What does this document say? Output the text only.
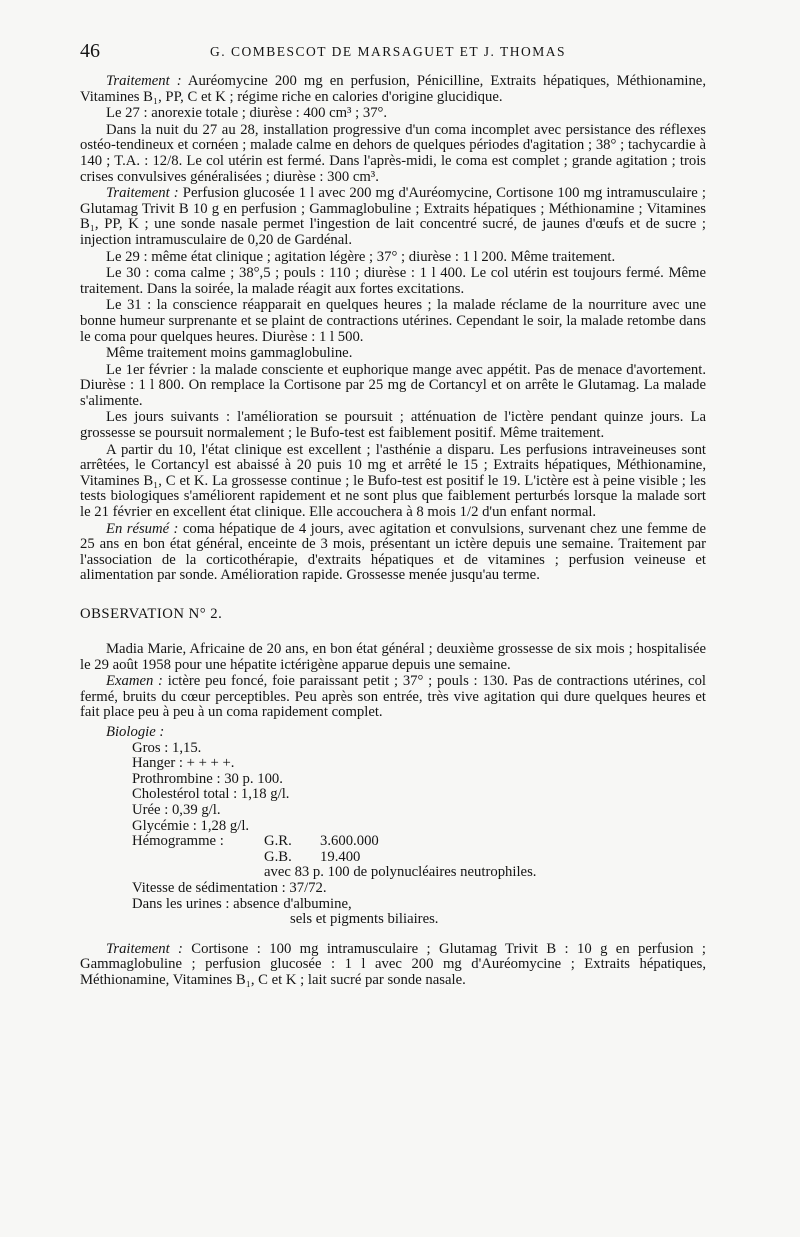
46	G. COMBESCOT DE MARSAGUET ET J. THOMAS

Traitement : Auréomycine 200 mg en perfusion, Pénicilline, Extraits hépatiques, Méthionamine, Vitamines B₁, PP, C et K ; régime riche en calories d'origine glucidique.

Le 27 : anorexie totale ; diurèse : 400 cm³ ; 37°.

Dans la nuit du 27 au 28, installation progressive d'un coma incomplet avec persistance des réflexes ostéo-tendineux et cornéen ; malade calme en dehors de quelques périodes d'agitation ; 38° ; tachycardie à 140 ; T.A. : 12/8. Le col utérin est fermé. Dans l'après-midi, le coma est complet ; grande agitation ; trois crises convulsives généralisées ; diurèse : 300 cm³.

Traitement : Perfusion glucosée 1 l avec 200 mg d'Auréomycine, Cortisone 100 mg intramusculaire ; Glutamag Trivit B 10 g en perfusion ; Gammaglobuline ; Extraits hépatiques ; Méthionamine ; Vitamines B₁, PP, K ; une sonde nasale permet l'ingestion de lait concentré sucré, de jaunes d'œufs et de sucre ; injection intramusculaire de 0,20 de Gardénal.

Le 29 : même état clinique ; agitation légère ; 37° ; diurèse : 1 l 200. Même traitement.

Le 30 : coma calme ; 38°,5 ; pouls : 110 ; diurèse : 1 l 400. Le col utérin est toujours fermé. Même traitement. Dans la soirée, la malade réagit aux fortes excitations.

Le 31 : la conscience réapparait en quelques heures ; la malade réclame de la nourriture avec une bonne humeur surprenante et se plaint de contractions utérines. Cependant le soir, la malade retombe dans le coma pour quelques heures. Diurèse : 1 l 500.

Même traitement moins gammaglobuline.

Le 1er février : la malade consciente et euphorique mange avec appétit. Pas de menace d'avortement. Diurèse : 1 l 800. On remplace la Cortisone par 25 mg de Cortancyl et on arrête le Glutamag. La malade s'alimente.

Les jours suivants : l'amélioration se poursuit ; atténuation de l'ictère pendant quinze jours. La grossesse se poursuit normalement ; le Bufo-test est faiblement positif. Même traitement.

A partir du 10, l'état clinique est excellent ; l'asthénie a disparu. Les perfusions intraveineuses sont arrêtées, le Cortancyl est abaissé à 20 puis 10 mg et arrêté le 15 ; Extraits hépatiques, Méthionamine, Vitamines B₁, C et K. La grossesse continue ; le Bufo-test est positif le 19. L'ictère est à peine visible ; les tests biologiques s'améliorent rapidement et ne sont plus que faiblement perturbés lorsque la malade sort le 21 février en excellent état clinique. Elle accouchera à 8 mois 1/2 d'un enfant normal.

En résumé : coma hépatique de 4 jours, avec agitation et convulsions, survenant chez une femme de 25 ans en bon état général, enceinte de 3 mois, présentant un ictère depuis une semaine. Traitement par l'association de la corticothérapie, d'extraits hépatiques et de vitamines ; perfusion veineuse et alimentation par sonde. Amélioration rapide. Grossesse menée jusqu'au terme.

OBSERVATION N° 2.

Madia Marie, Africaine de 20 ans, en bon état général ; deuxième grossesse de six mois ; hospitalisée le 29 août 1958 pour une hépatite ictérigène apparue depuis une semaine.

Examen : ictère peu foncé, foie paraissant petit ; 37° ; pouls : 130. Pas de contractions utérines, col fermé, bruits du cœur perceptibles. Peu après son entrée, très vive agitation qui dure quelques heures et fait place peu à peu à un coma rapidement complet.

Biologie :
Gros : 1,15.
Hanger : + + + +.
Prothrombine : 30 p. 100.
Cholestérol total : 1,18 g/l.
Urée : 0,39 g/l.
Glycémie : 1,28 g/l.
Hémogramme :	G.R. 3.600.000
G.B. 19.400
avec 83 p. 100 de polynucléaires neutrophiles.
Vitesse de sédimentation : 37/72.
Dans les urines : absence d'albumine,
sels et pigments biliaires.

Traitement : Cortisone : 100 mg intramusculaire ; Glutamag Trivit B : 10 g en perfusion ; Gammaglobuline ; perfusion glucosée : 1 l avec 200 mg d'Auréomycine ; Extraits hépatiques, Méthionamine, Vitamines B₁, C et K ; lait sucré par sonde nasale.
